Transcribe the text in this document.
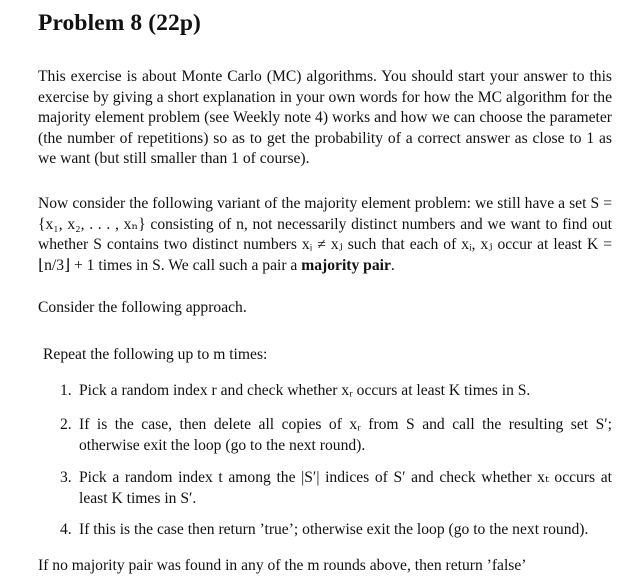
Problem 8 (22p)
This exercise is about Monte Carlo (MC) algorithms. You should start your answer to this exercise by giving a short explanation in your own words for how the MC algorithm for the majority element problem (see Weekly note 4) works and how we can choose the parameter (the number of repetitions) so as to get the probability of a correct answer as close to 1 as we want (but still smaller than 1 of course).
Now consider the following variant of the majority element problem: we still have a set S = {x₁, x₂, . . . , xₙ} consisting of n, not necessarily distinct numbers and we want to find out whether S contains two distinct numbers xᵢ ≠ xⱼ such that each of xᵢ, xⱼ occur at least K = ⌊n/3⌋ + 1 times in S. We call such a pair a majority pair.
Consider the following approach.
Repeat the following up to m times:
1. Pick a random index r and check whether xᵣ occurs at least K times in S.
2. If is the case, then delete all copies of xᵣ from S and call the resulting set S′; otherwise exit the loop (go to the next round).
3. Pick a random index t among the |S′| indices of S′ and check whether xₜ occurs at least K times in S′.
4. If this is the case then return ’true’; otherwise exit the loop (go to the next round).
If no majority pair was found in any of the m rounds above, then return ’false’
